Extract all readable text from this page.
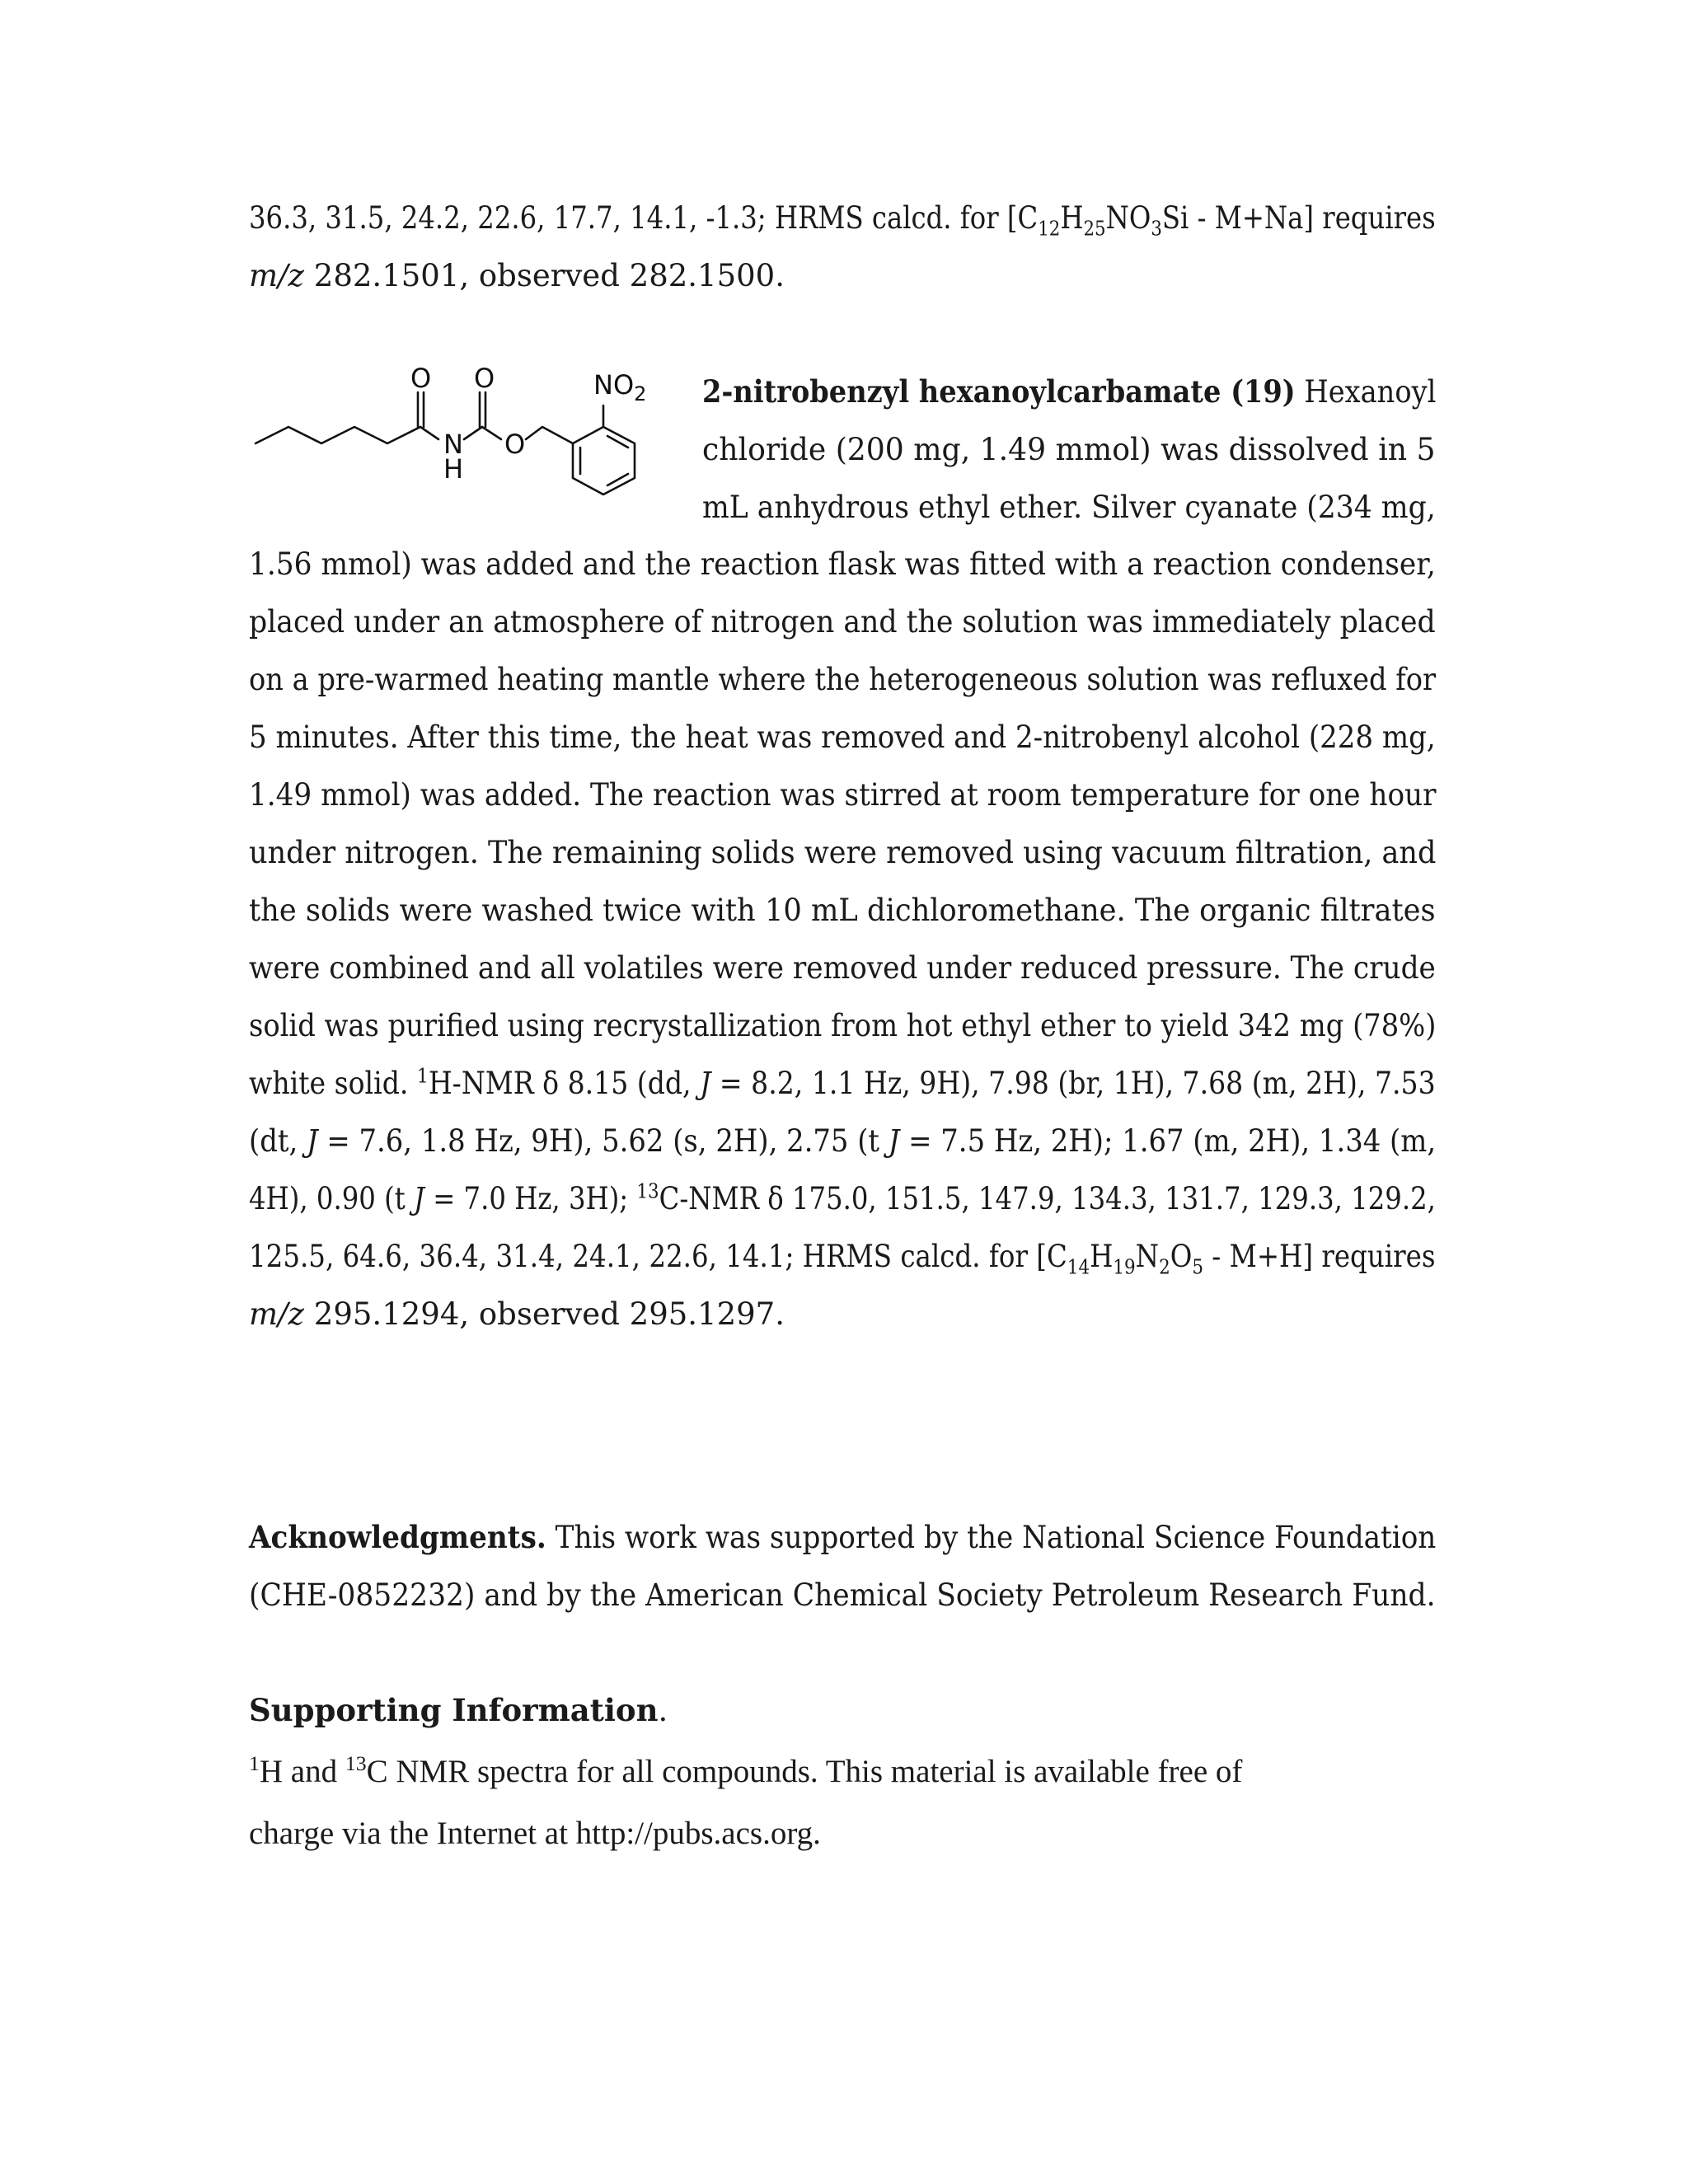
36.3, 31.5, 24.2, 22.6, 17.7, 14.1, -1.3; HRMS calcd. for $[C_{12}H_{25}NO_3Si - M+Na]$ requires
m/z 282.1501, observed 282.1500.
O O
N
H
O
$NO_2$ 2-nitrobenzyl hexanoylcarbamate (19) Hexanoyl
chloride (200 mg, 1.49 mmol) was dissolved in 5
mL anhydrous ethyl ether. Silver cyanate (234 mg,
1.56 mmol) was added and the reaction flask was fitted with a reaction condenser,
placed under an atmosphere of nitrogen and the solution was immediately placed
on a pre-warmed heating mantle where the heterogeneous solution was refluxed for
5 minutes. After this time, the heat was removed and 2-nitrobenyl alcohol (228 mg,
1.49 mmol) was added. The reaction was stirred at room temperature for one hour
under nitrogen. The remaining solids were removed using vacuum filtration, and
the solids were washed twice with 10 mL dichloromethane. The organic filtrates
were combined and all volatiles were removed under reduced pressure. The crude
solid was purified using recrystallization from hot ethyl ether to yield 342 mg (78%)
white solid. $^1$H-NMR δ 8.15 (dd, J = 8.2, 1.1 Hz, 9H), 7.98 (br, 1H), 7.68 (m, 2H), 7.53
(dt, J = 7.6, 1.8 Hz, 9H), 5.62 (s, 2H), 2.75 (t J = 7.5 Hz, 2H); 1.67 (m, 2H), 1.34 (m,
4H), 0.90 (t J = 7.0 Hz, 3H); $^{13}$C-NMR δ 175.0, 151.5, 147.9, 134.3, 131.7, 129.3, 129.2,
125.5, 64.6, 36.4, 31.4, 24.1, 22.6, 14.1; HRMS calcd. for $[C_{14}H_{19}N_2O_5 - M+H]$ requires
m/z 295.1294, observed 295.1297.
Acknowledgments. This work was supported by the National Science Foundation
(CHE-0852232) and by the American Chemical Society Petroleum Research Fund.
Supporting Information.
$^1$H and $^{13}$C NMR spectra for all compounds. This material is available free of
charge via the Internet at http://pubs.acs.org.
